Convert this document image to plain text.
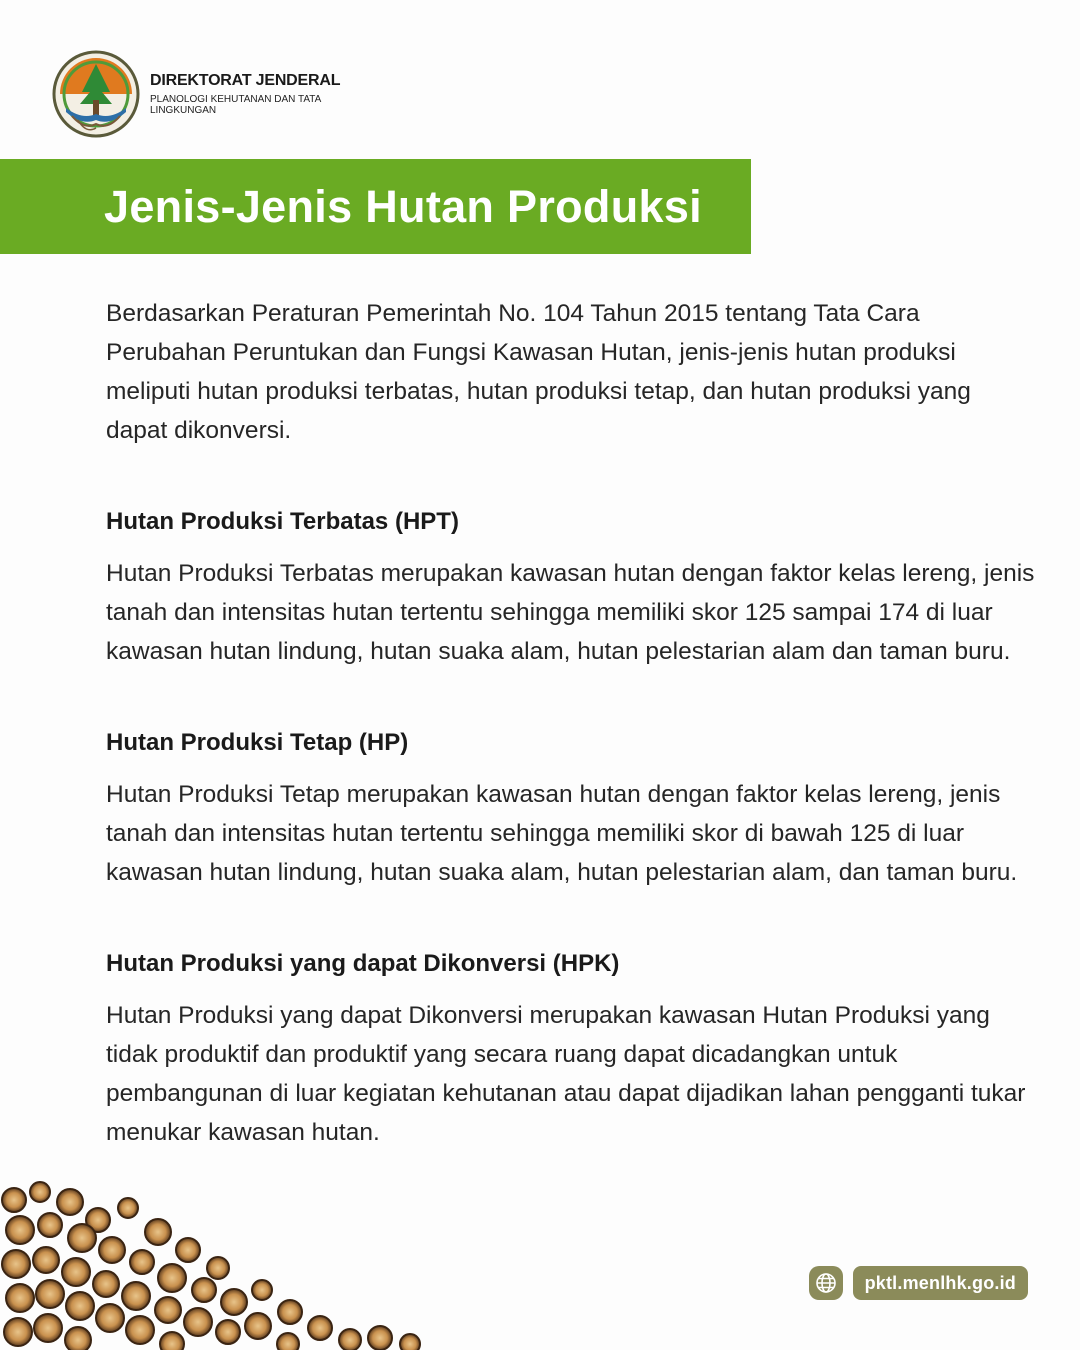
DIREKTORAT JENDERAL
PLANOLOGI KEHUTANAN DAN TATA LINGKUNGAN
Jenis-Jenis Hutan Produksi

Berdasarkan Peraturan Pemerintah No. 104 Tahun 2015 tentang Tata Cara Perubahan Peruntukan dan Fungsi Kawasan Hutan, jenis-jenis hutan produksi meliputi hutan produksi terbatas, hutan produksi tetap, dan hutan produksi yang dapat dikonversi.

Hutan Produksi Terbatas (HPT)

Hutan Produksi Terbatas merupakan kawasan hutan dengan faktor kelas lereng, jenis tanah dan intensitas hutan tertentu sehingga memiliki skor 125 sampai 174 di luar kawasan hutan lindung, hutan suaka alam, hutan pelestarian alam dan taman buru.

Hutan Produksi Tetap (HP)

Hutan Produksi Tetap merupakan kawasan hutan dengan faktor kelas lereng, jenis tanah dan intensitas hutan tertentu sehingga memiliki skor di bawah 125 di luar kawasan hutan lindung, hutan suaka alam, hutan pelestarian alam, dan taman buru.

Hutan Produksi yang dapat Dikonversi (HPK)

Hutan Produksi yang dapat Dikonversi merupakan kawasan Hutan Produksi yang tidak produktif dan produktif yang secara ruang dapat dicadangkan untuk pembangunan di luar kegiatan kehutanan atau dapat dijadikan lahan pengganti tukar menukar kawasan hutan.

pktl.menlhk.go.id
